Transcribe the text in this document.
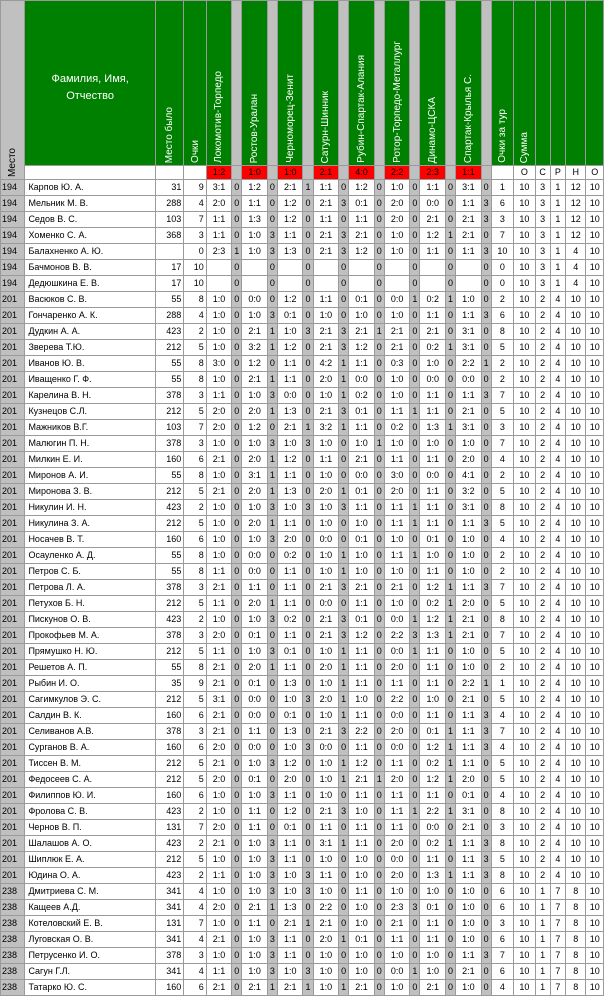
Место	Фамилия, Имя, Отчество	Место было	Очки	Локомотив-Торпедо		Ростов-Уралан		Черноморец-Зенит		Сатурн-Шинник		Рубин-Спартак-Алания		Ротор-Торпедо-Металлург		Динамо-ЦСКА		Спартак-Крылья С.		Очки за тур	Сумма				

				1:2		1:0		1:0		2:1		4:0		2:2		2:3		1:1			О	С	Р	Н	О
194	Карпов Ю. А.	31	9	3:1	0	1:2	0	2:1	1	1:1	0	1:2	0	1:0	0	1:1	0	3:1	0	1	10	3	1	12	10
194	Мельник М. В.	288	4	2:0	0	1:1	0	1:2	0	2:1	3	0:1	0	2:0	0	0:0	0	1:1	3	6	10	3	1	12	10
194	Седов В. С.	103	7	1:1	0	1:3	0	1:2	0	1:1	0	1:1	0	2:0	0	2:1	0	2:1	3	3	10	3	1	12	10
194	Хоменко С. А.	368	3	1:1	0	1:0	3	1:1	0	2:1	3	2:1	0	1:0	0	1:2	1	2:1	0	7	10	3	1	12	10
194	Балахненко А. Ю.		0	2:3	1	1:0	3	1:3	0	2:1	3	1:2	0	1:0	0	1:1	0	1:1	3	10	10	3	1	4	10
194	Бачмонов В. В.	17	10		0		0		0		0		0		0		0		0	0	10	3	1	4	10
194	Дедюшкина Е. В.	17	10		0		0		0		0		0		0		0		0	0	10	3	1	4	10
201	Васюков С. В.	55	8	1:0	0	0:0	0	1:2	0	1:1	0	0:1	0	0:0	1	0:2	1	1:0	0	2	10	2	4	10	10
201	Гончаренко А. К.	288	4	1:0	0	1:0	3	0:1	0	1:0	0	1:0	0	1:0	0	1:1	0	1:1	3	6	10	2	4	10	10
201	Дудкин А. А.	423	2	1:0	0	2:1	1	1:0	3	2:1	3	2:1	1	2:1	0	2:1	0	3:1	0	8	10	2	4	10	10
201	Зверева Т.Ю.	212	5	1:0	0	3:2	1	1:2	0	2:1	3	1:2	0	2:1	0	0:2	1	3:1	0	5	10	2	4	10	10
201	Иванов Ю. В.	55	8	3:0	0	1:2	0	1:1	0	4:2	1	1:1	0	0:3	0	1:0	0	2:2	1	2	10	2	4	10	10
201	Иващенко Г. Ф.	55	8	1:0	0	2:1	1	1:1	0	2:0	1	0:0	0	1:0	0	0:0	0	0:0	0	2	10	2	4	10	10
201	Карелина В. Н.	378	3	1:1	0	1:0	3	0:0	0	1:0	1	0:2	0	1:0	0	1:1	0	1:1	3	7	10	2	4	10	10
201	Кузнецов С.Л.	212	5	2:0	0	2:0	1	1:3	0	2:1	3	0:1	0	1:1	1	1:1	0	2:1	0	5	10	2	4	10	10
201	Мажников В.Г.	103	7	2:0	0	1:2	0	2:1	1	3:2	1	1:1	0	0:2	0	1:3	1	3:1	0	3	10	2	4	10	10
201	Малюгин П. Н.	378	3	1:0	0	1:0	3	1:0	3	1:0	0	1:0	1	1:0	0	1:0	0	1:0	0	7	10	2	4	10	10
201	Милкин Е. И.	160	6	2:1	0	2:0	1	1:2	0	1:1	0	2:1	0	1:1	0	1:1	0	2:0	0	4	10	2	4	10	10
201	Миронов А. И.	55	8	1:0	0	3:1	1	1:1	0	1:0	0	0:0	0	3:0	0	0:0	0	4:1	0	2	10	2	4	10	10
201	Миронова З. В.	212	5	2:1	0	2:0	1	1:3	0	2:0	1	0:1	0	2:0	0	1:1	0	3:2	0	5	10	2	4	10	10
201	Никулин И. Н.	423	2	1:0	0	1:0	3	1:0	3	1:0	3	1:1	0	1:1	1	1:1	0	3:1	0	8	10	2	4	10	10
201	Никулина З. А.	212	5	1:0	0	2:0	1	1:1	0	1:0	0	1:0	0	1:1	1	1:1	0	1:1	3	5	10	2	4	10	10
201	Носачев В. Т.	160	6	1:0	0	1:0	3	2:0	0	0:0	0	0:1	0	1:0	0	0:1	0	1:0	0	4	10	2	4	10	10
201	Осауленко А. Д.	55	8	1:0	0	0:0	0	0:2	0	1:0	1	1:0	0	1:1	1	1:0	0	1:0	0	2	10	2	4	10	10
201	Петров С. Б.	55	8	1:1	0	0:0	0	1:1	0	1:0	1	1:0	0	1:0	0	1:1	0	1:0	0	2	10	2	4	10	10
201	Петрова Л. А.	378	3	2:1	0	1:1	0	1:1	0	2:1	3	2:1	0	2:1	0	1:2	1	1:1	3	7	10	2	4	10	10
201	Петухов Б. Н.	212	5	1:1	0	2:0	1	1:1	0	0:0	0	1:1	0	1:0	0	0:2	1	2:0	0	5	10	2	4	10	10
201	Пискунов О. В.	423	2	1:0	0	1:0	3	0:2	0	2:1	3	0:1	0	0:0	1	1:2	1	2:1	0	8	10	2	4	10	10
201	Прокофьев М. А.	378	3	2:0	0	0:1	0	1:1	0	2:1	3	1:2	0	2:2	3	1:3	1	2:1	0	7	10	2	4	10	10
201	Прямушко Н. Ю.	212	5	1:1	0	1:0	3	0:1	0	1:0	1	1:1	0	0:0	1	1:1	0	1:0	0	5	10	2	4	10	10
201	Решетов А. П.	55	8	2:1	0	2:0	1	1:1	0	2:0	1	1:1	0	2:0	0	1:1	0	1:0	0	2	10	2	4	10	10
201	Рыбин И. О.	35	9	2:1	0	0:1	0	1:3	0	1:0	1	1:1	0	1:1	0	1:1	0	2:2	1	1	10	2	4	10	10
201	Сагимкулов Э. С.	212	5	3:1	0	0:0	0	1:0	3	2:0	1	1:0	0	2:2	0	1:0	0	2:1	0	5	10	2	4	10	10
201	Салдин В. К.	160	6	2:1	0	0:0	0	0:1	0	1:0	1	1:1	0	0:0	0	1:1	0	1:1	3	4	10	2	4	10	10
201	Селиванов А.В.	378	3	2:1	0	1:1	0	1:3	0	2:1	3	2:2	0	2:0	0	0:1	1	1:1	3	7	10	2	4	10	10
201	Сурганов В. А.	160	6	2:0	0	0:0	0	1:0	3	0:0	0	1:1	0	0:0	0	1:2	1	1:1	3	4	10	2	4	10	10
201	Тиссен В. М.	212	5	2:1	0	1:0	3	1:2	0	1:0	1	1:2	0	1:1	0	0:2	1	1:1	0	5	10	2	4	10	10
201	Федосеев С. А.	212	5	2:0	0	0:1	0	2:0	0	1:0	1	2:1	1	2:0	0	1:2	1	2:0	0	5	10	2	4	10	10
201	Филиппов Ю. И.	160	6	1:0	0	1:0	3	1:1	0	1:0	0	1:1	0	1:1	0	1:1	0	0:1	0	4	10	2	4	10	10
201	Фролова С. В.	423	2	1:0	0	1:1	0	1:2	0	2:1	3	1:0	0	1:1	1	2:2	1	3:1	0	8	10	2	4	10	10
201	Чернов В. П.	131	7	2:0	0	1:1	0	0:1	0	1:1	0	1:1	0	1:1	0	0:0	0	2:1	0	3	10	2	4	10	10
201	Шалашов А. О.	423	2	2:1	0	1:0	3	1:1	0	3:1	1	1:1	0	2:0	0	0:2	1	1:1	3	8	10	2	4	10	10
201	Шиплюк Е. А.	212	5	1:0	0	1:0	3	1:1	0	1:0	0	1:0	0	0:0	0	1:1	0	1:1	3	5	10	2	4	10	10
201	Юдина О. А.	423	2	1:1	0	1:0	3	1:0	3	1:1	0	1:0	0	2:0	0	1:3	1	1:1	3	8	10	2	4	10	10
238	Дмитриева С. М.	341	4	1:0	0	1:0	3	1:0	3	1:0	0	1:1	0	1:0	0	1:0	0	1:0	0	6	10	1	7	8	10
238	Кащеев А.Д.	341	4	2:0	0	2:1	1	1:3	0	2:2	0	1:0	0	2:3	3	0:1	0	1:0	0	6	10	1	7	8	10
238	Котеловский Е. В.	131	7	1:0	0	1:1	0	2:1	1	2:1	0	1:0	0	2:1	0	1:1	0	1:0	0	3	10	1	7	8	10
238	Луговская О. В.	341	4	2:1	0	1:0	3	1:1	0	2:0	1	0:1	0	1:1	0	1:1	0	1:0	0	6	10	1	7	8	10
238	Петрусенко И. О.	378	3	1:0	0	1:0	3	1:1	0	1:0	0	1:0	0	1:0	0	1:0	0	1:1	3	7	10	1	7	8	10
238	Сагун Г.Л.	341	4	1:1	0	1:0	3	1:0	3	1:0	0	1:0	0	0:0	1	1:0	0	2:1	0	6	10	1	7	8	10
238	Татарко Ю. С.	160	6	2:1	0	2:1	1	2:1	1	1:0	1	2:1	0	1:0	0	2:1	0	1:0	0	4	10	1	7	8	10
